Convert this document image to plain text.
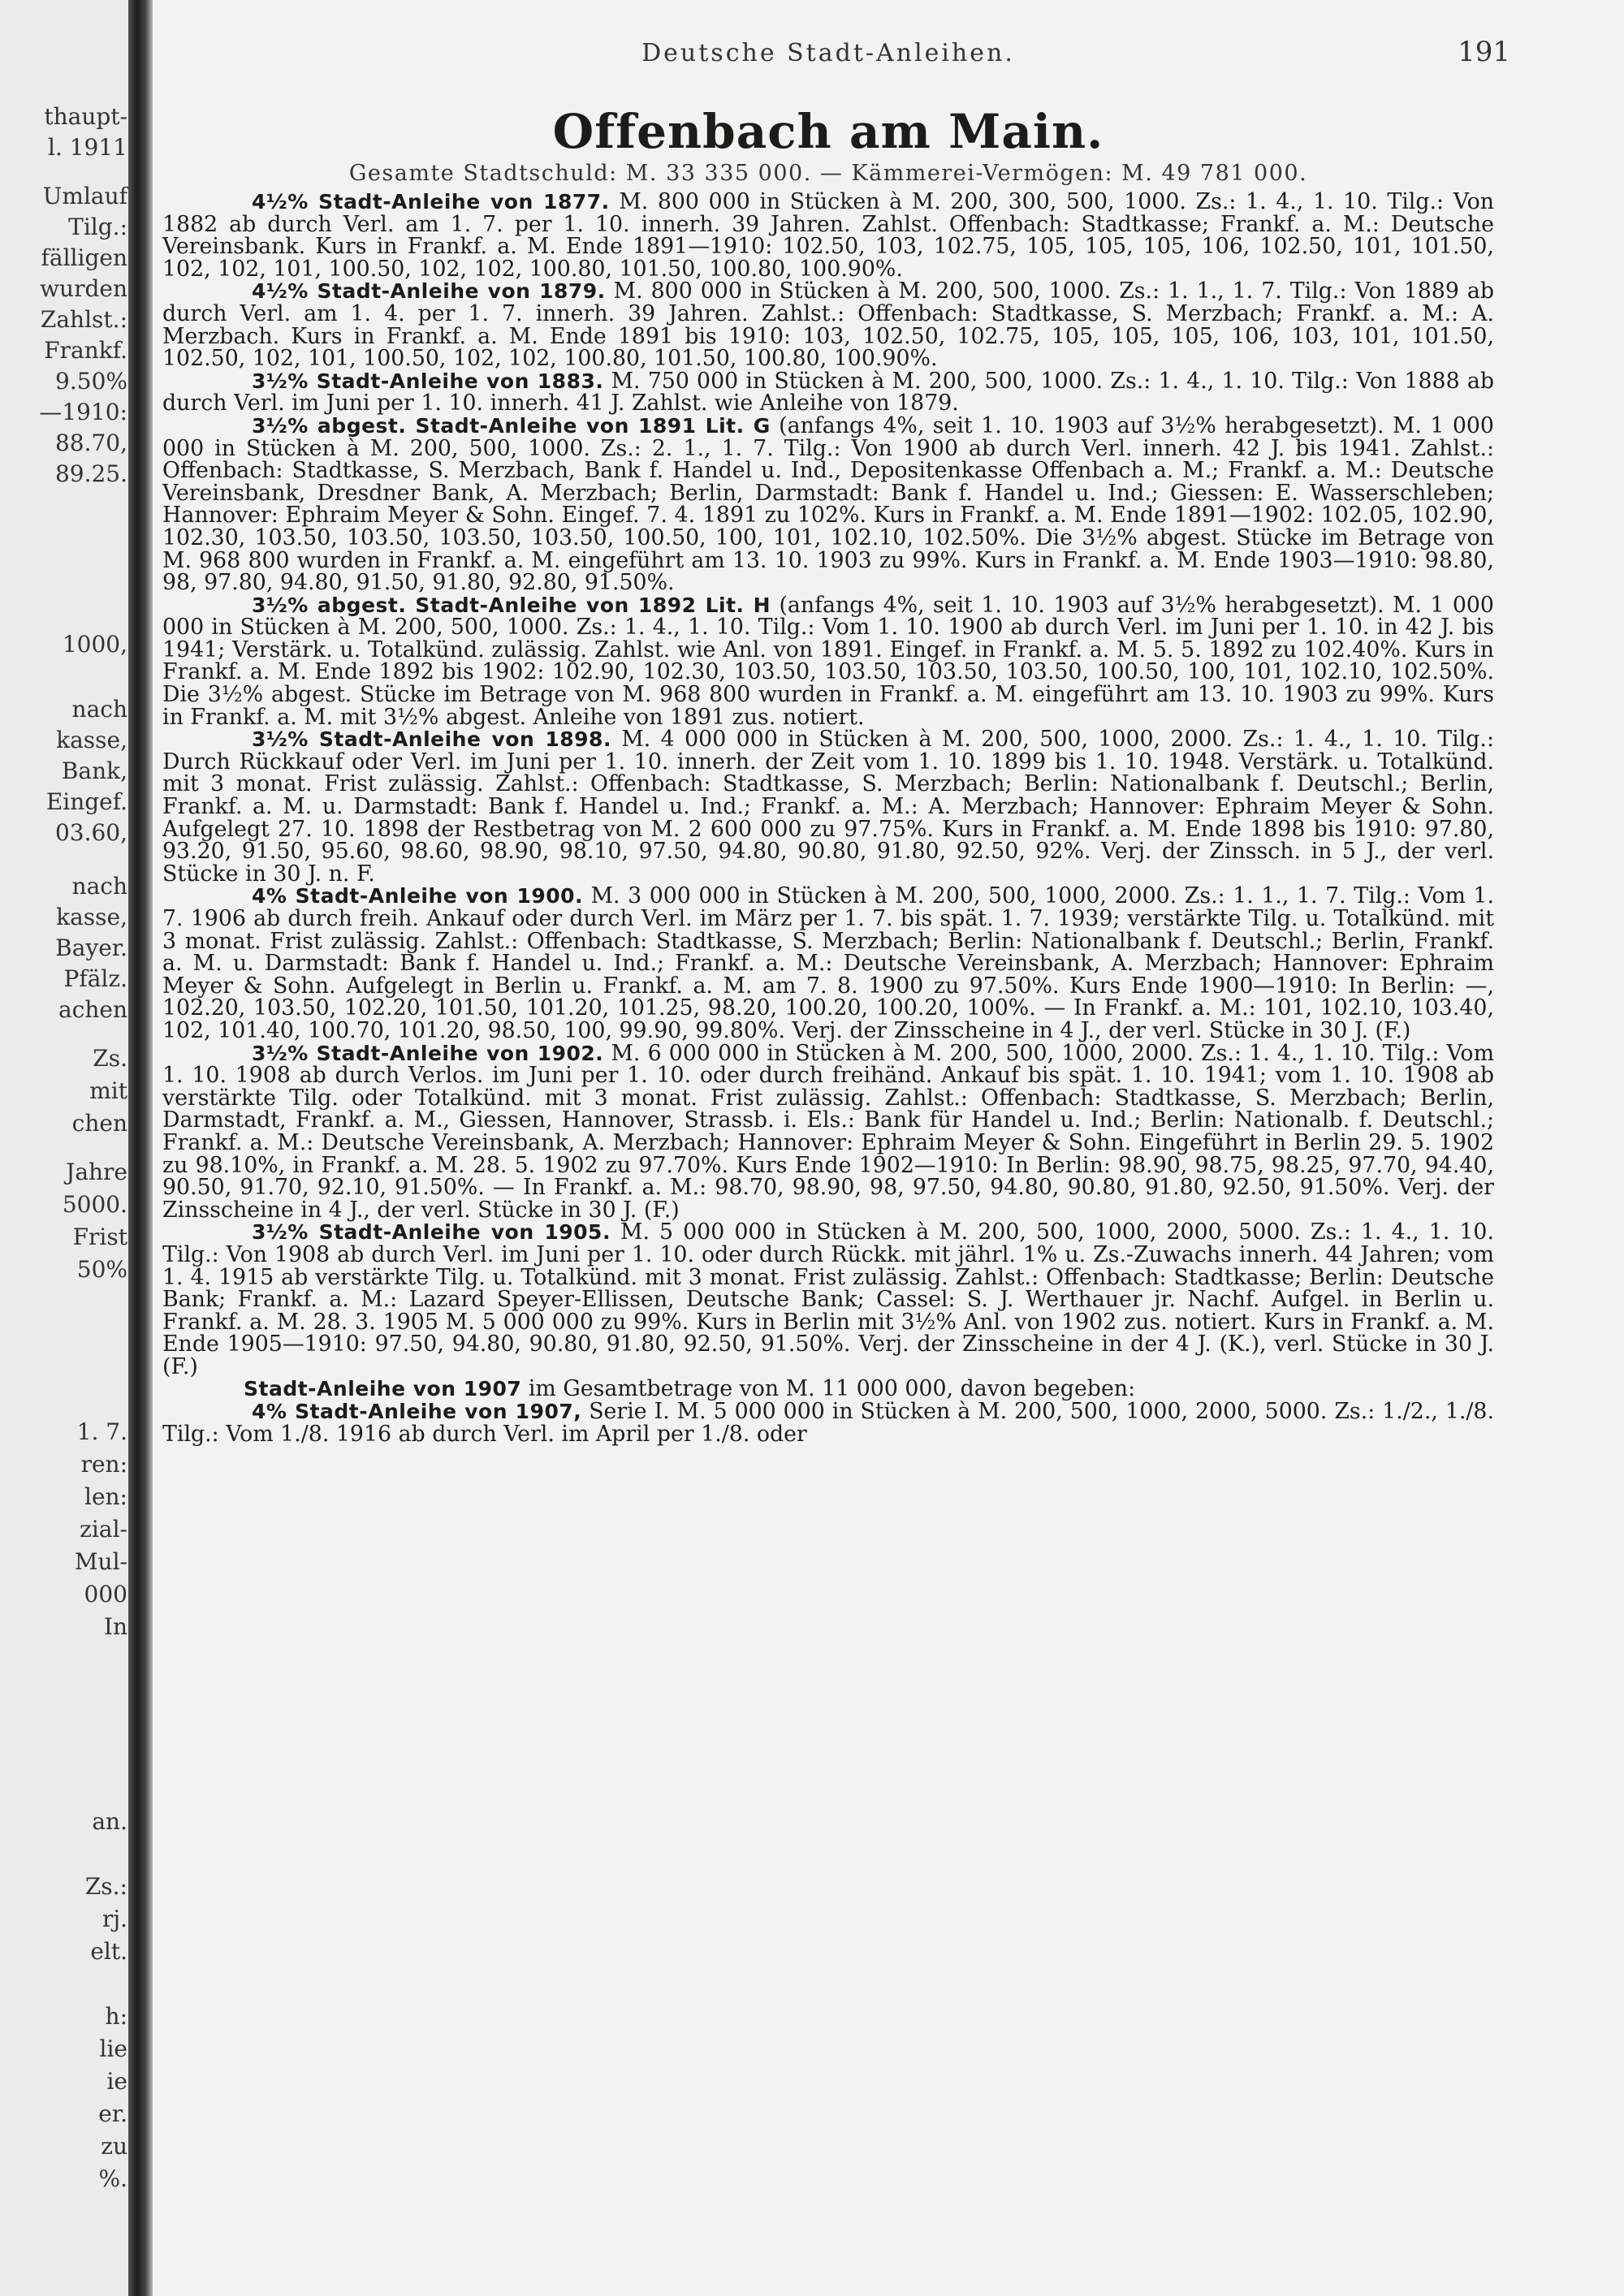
thaupt-
l. 1911
Umlauf
Tilg.:
fälligen
wurden
Zahlst.:
Frankf.
9.50%
—1910:
88.70,
89.25.
1000,
nach
kasse,
Bank,
Eingef.
03.60,
nach
kasse,
Bayer.
Pfälz.
achen
Zs.
mit
chen
Jahre
5000.
Frist
50%
1. 7.
ren:
len:
zial-
Mul-
000
In
an.
Zs.:
rj.
elt.
h:
lie
ie
er.
zu
%.
Deutsche Stadt-Anleihen.	191
Offenbach am Main.
Gesamte Stadtschuld: M. 33 335 000. — Kämmerei-Vermögen: M. 49 781 000.

4½% Stadt-Anleihe von 1877. M. 800 000 in Stücken à M. 200, 300, 500, 1000. Zs.: 1. 4., 1. 10. Tilg.: Von 1882 ab durch Verl. am 1. 7. per 1. 10. innerh. 39 Jahren. Zahlst. Offenbach: Stadtkasse; Frankf. a. M.: Deutsche Vereinsbank. Kurs in Frankf. a. M. Ende 1891—1910: 102.50, 103, 102.75, 105, 105, 105, 106, 102.50, 101, 101.50, 102, 102, 101, 100.50, 102, 102, 100.80, 101.50, 100.80, 100.90%.

4½% Stadt-Anleihe von 1879. M. 800 000 in Stücken à M. 200, 500, 1000. Zs.: 1. 1., 1. 7. Tilg.: Von 1889 ab durch Verl. am 1. 4. per 1. 7. innerh. 39 Jahren. Zahlst.: Offenbach: Stadtkasse, S. Merzbach; Frankf. a. M.: A. Merzbach. Kurs in Frankf. a. M. Ende 1891 bis 1910: 103, 102.50, 102.75, 105, 105, 105, 106, 103, 101, 101.50, 102.50, 102, 101, 100.50, 102, 102, 100.80, 101.50, 100.80, 100.90%.

3½% Stadt-Anleihe von 1883. M. 750 000 in Stücken à M. 200, 500, 1000. Zs.: 1. 4., 1. 10. Tilg.: Von 1888 ab durch Verl. im Juni per 1. 10. innerh. 41 J. Zahlst. wie Anleihe von 1879.

3½% abgest. Stadt-Anleihe von 1891 Lit. G (anfangs 4%, seit 1. 10. 1903 auf 3½% herabgesetzt). M. 1 000 000 in Stücken à M. 200, 500, 1000. Zs.: 2. 1., 1. 7. Tilg.: Von 1900 ab durch Verl. innerh. 42 J. bis 1941. Zahlst.: Offenbach: Stadtkasse, S. Merzbach, Bank f. Handel u. Ind., Depositenkasse Offenbach a. M.; Frankf. a. M.: Deutsche Vereinsbank, Dresdner Bank, A. Merzbach; Berlin, Darmstadt: Bank f. Handel u. Ind.; Giessen: E. Wasserschleben; Hannover: Ephraim Meyer & Sohn. Eingef. 7. 4. 1891 zu 102%. Kurs in Frankf. a. M. Ende 1891—1902: 102.05, 102.90, 102.30, 103.50, 103.50, 103.50, 103.50, 100.50, 100, 101, 102.10, 102.50%. Die 3½% abgest. Stücke im Betrage von M. 968 800 wurden in Frankf. a. M. eingeführt am 13. 10. 1903 zu 99%. Kurs in Frankf. a. M. Ende 1903—1910: 98.80, 98, 97.80, 94.80, 91.50, 91.80, 92.80, 91.50%.

3½% abgest. Stadt-Anleihe von 1892 Lit. H (anfangs 4%, seit 1. 10. 1903 auf 3½% herabgesetzt). M. 1 000 000 in Stücken à M. 200, 500, 1000. Zs.: 1. 4., 1. 10. Tilg.: Vom 1. 10. 1900 ab durch Verl. im Juni per 1. 10. in 42 J. bis 1941; Verstärk. u. Totalkünd. zulässig. Zahlst. wie Anl. von 1891. Eingef. in Frankf. a. M. 5. 5. 1892 zu 102.40%. Kurs in Frankf. a. M. Ende 1892 bis 1902: 102.90, 102.30, 103.50, 103.50, 103.50, 103.50, 100.50, 100, 101, 102.10, 102.50%. Die 3½% abgest. Stücke im Betrage von M. 968 800 wurden in Frankf. a. M. eingeführt am 13. 10. 1903 zu 99%. Kurs in Frankf. a. M. mit 3½% abgest. Anleihe von 1891 zus. notiert.

3½% Stadt-Anleihe von 1898. M. 4 000 000 in Stücken à M. 200, 500, 1000, 2000. Zs.: 1. 4., 1. 10. Tilg.: Durch Rückkauf oder Verl. im Juni per 1. 10. innerh. der Zeit vom 1. 10. 1899 bis 1. 10. 1948. Verstärk. u. Totalkünd. mit 3 monat. Frist zulässig. Zahlst.: Offenbach: Stadtkasse, S. Merzbach; Berlin: Nationalbank f. Deutschl.; Berlin, Frankf. a. M. u. Darmstadt: Bank f. Handel u. Ind.; Frankf. a. M.: A. Merzbach; Hannover: Ephraim Meyer & Sohn. Aufgelegt 27. 10. 1898 der Restbetrag von M. 2 600 000 zu 97.75%. Kurs in Frankf. a. M. Ende 1898 bis 1910: 97.80, 93.20, 91.50, 95.60, 98.60, 98.90, 98.10, 97.50, 94.80, 90.80, 91.80, 92.50, 92%. Verj. der Zinssch. in 5 J., der verl. Stücke in 30 J. n. F.

4% Stadt-Anleihe von 1900. M. 3 000 000 in Stücken à M. 200, 500, 1000, 2000. Zs.: 1. 1., 1. 7. Tilg.: Vom 1. 7. 1906 ab durch freih. Ankauf oder durch Verl. im März per 1. 7. bis spät. 1. 7. 1939; verstärkte Tilg. u. Totalkünd. mit 3 monat. Frist zulässig. Zahlst.: Offenbach: Stadtkasse, S. Merzbach; Berlin: Nationalbank f. Deutschl.; Berlin, Frankf. a. M. u. Darmstadt: Bank f. Handel u. Ind.; Frankf. a. M.: Deutsche Vereinsbank, A. Merzbach; Hannover: Ephraim Meyer & Sohn. Aufgelegt in Berlin u. Frankf. a. M. am 7. 8. 1900 zu 97.50%. Kurs Ende 1900—1910: In Berlin: —, 102.20, 103.50, 102.20, 101.50, 101.20, 101.25, 98.20, 100.20, 100.20, 100%. — In Frankf. a. M.: 101, 102.10, 103.40, 102, 101.40, 100.70, 101.20, 98.50, 100, 99.90, 99.80%. Verj. der Zinsscheine in 4 J., der verl. Stücke in 30 J. (F.)

3½% Stadt-Anleihe von 1902. M. 6 000 000 in Stücken à M. 200, 500, 1000, 2000. Zs.: 1. 4., 1. 10. Tilg.: Vom 1. 10. 1908 ab durch Verlos. im Juni per 1. 10. oder durch freihänd. Ankauf bis spät. 1. 10. 1941; vom 1. 10. 1908 ab verstärkte Tilg. oder Totalkünd. mit 3 monat. Frist zulässig. Zahlst.: Offenbach: Stadtkasse, S. Merzbach; Berlin, Darmstadt, Frankf. a. M., Giessen, Hannover, Strassb. i. Els.: Bank für Handel u. Ind.; Berlin: Nationalb. f. Deutschl.; Frankf. a. M.: Deutsche Vereinsbank, A. Merzbach; Hannover: Ephraim Meyer & Sohn. Eingeführt in Berlin 29. 5. 1902 zu 98.10%, in Frankf. a. M. 28. 5. 1902 zu 97.70%. Kurs Ende 1902—1910: In Berlin: 98.90, 98.75, 98.25, 97.70, 94.40, 90.50, 91.70, 92.10, 91.50%. — In Frankf. a. M.: 98.70, 98.90, 98, 97.50, 94.80, 90.80, 91.80, 92.50, 91.50%. Verj. der Zinsscheine in 4 J., der verl. Stücke in 30 J. (F.)

3½% Stadt-Anleihe von 1905. M. 5 000 000 in Stücken à M. 200, 500, 1000, 2000, 5000. Zs.: 1. 4., 1. 10. Tilg.: Von 1908 ab durch Verl. im Juni per 1. 10. oder durch Rückk. mit jährl. 1% u. Zs.-Zuwachs innerh. 44 Jahren; vom 1. 4. 1915 ab verstärkte Tilg. u. Totalkünd. mit 3 monat. Frist zulässig. Zahlst.: Offenbach: Stadtkasse; Berlin: Deutsche Bank; Frankf. a. M.: Lazard Speyer-Ellissen, Deutsche Bank; Cassel: S. J. Werthauer jr. Nachf. Aufgel. in Berlin u. Frankf. a. M. 28. 3. 1905 M. 5 000 000 zu 99%. Kurs in Berlin mit 3½% Anl. von 1902 zus. notiert. Kurs in Frankf. a. M. Ende 1905—1910: 97.50, 94.80, 90.80, 91.80, 92.50, 91.50%. Verj. der Zinsscheine in der 4 J. (K.), verl. Stücke in 30 J. (F.)

Stadt-Anleihe von 1907 im Gesamtbetrage von M. 11 000 000, davon begeben:

4% Stadt-Anleihe von 1907, Serie I. M. 5 000 000 in Stücken à M. 200, 500, 1000, 2000, 5000. Zs.: 1./2., 1./8. Tilg.: Vom 1./8. 1916 ab durch Verl. im April per 1./8. oder
